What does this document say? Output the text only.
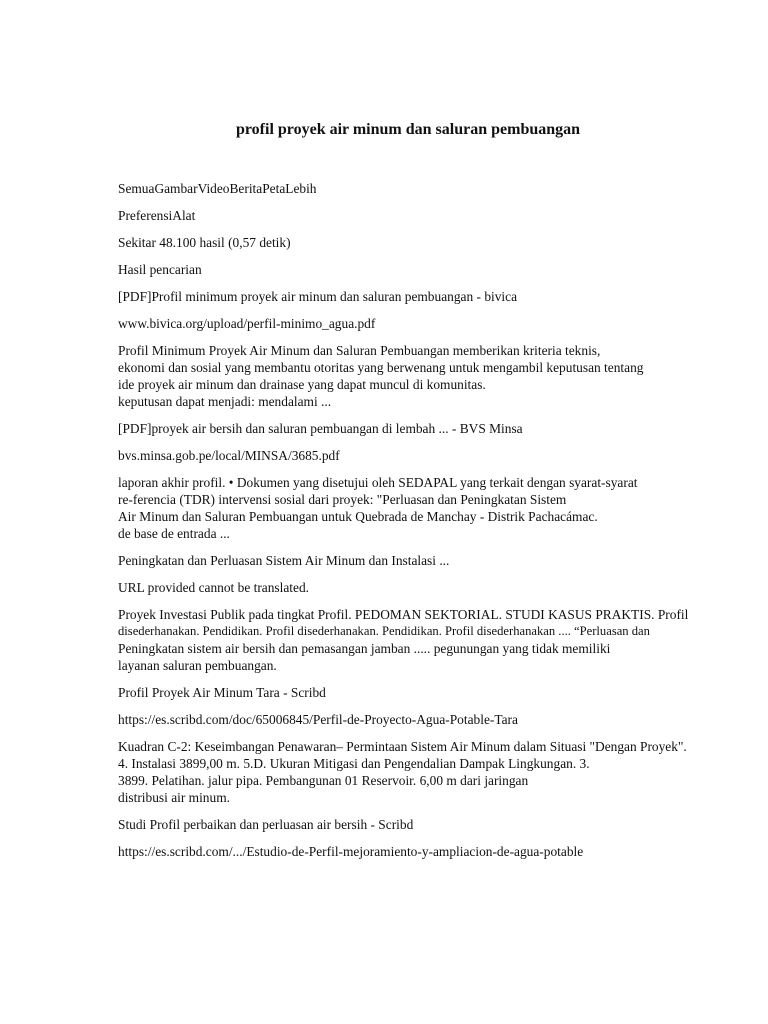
profil proyek air minum dan saluran pembuangan

SemuaGambarVideoBeritaPetaLebih

PreferensiAlat

Sekitar 48.100 hasil (0,57 detik)

Hasil pencarian

[PDF]Profil minimum proyek air minum dan saluran pembuangan - bivica

www.bivica.org/upload/perfil-minimo_agua.pdf

Profil Minimum Proyek Air Minum dan Saluran Pembuangan memberikan kriteria teknis,
ekonomi dan sosial yang membantu otoritas yang berwenang untuk mengambil keputusan tentang
ide proyek air minum dan drainase yang dapat muncul di komunitas.
keputusan dapat menjadi: mendalami ...

[PDF]proyek air bersih dan saluran pembuangan di lembah ... - BVS Minsa

bvs.minsa.gob.pe/local/MINSA/3685.pdf

laporan akhir profil. • Dokumen yang disetujui oleh SEDAPAL yang terkait dengan syarat-syarat
re-ferencia (TDR) intervensi sosial dari proyek: "Perluasan dan Peningkatan Sistem
Air Minum dan Saluran Pembuangan untuk Quebrada de Manchay - Distrik Pachacámac.
de base de entrada ...

Peningkatan dan Perluasan Sistem Air Minum dan Instalasi ...

URL provided cannot be translated.

Proyek Investasi Publik pada tingkat Profil. PEDOMAN SEKTORIAL. STUDI KASUS PRAKTIS. Profil
disederhanakan. Pendidikan. Profil disederhanakan. Pendidikan. Profil disederhanakan .... “Perluasan dan
Peningkatan sistem air bersih dan pemasangan jamban ..... pegunungan yang tidak memiliki
layanan saluran pembuangan.

Profil Proyek Air Minum Tara - Scribd

https://es.scribd.com/doc/65006845/Perfil-de-Proyecto-Agua-Potable-Tara

Kuadran C-2: Keseimbangan Penawaran– Permintaan Sistem Air Minum dalam Situasi "Dengan Proyek".
4. Instalasi 3899,00 m. 5.D. Ukuran Mitigasi dan Pengendalian Dampak Lingkungan. 3.
3899. Pelatihan. jalur pipa. Pembangunan 01 Reservoir. 6,00 m dari jaringan
distribusi air minum.

Studi Profil perbaikan dan perluasan air bersih - Scribd

https://es.scribd.com/.../Estudio-de-Perfil-mejoramiento-y-ampliacion-de-agua-potable
